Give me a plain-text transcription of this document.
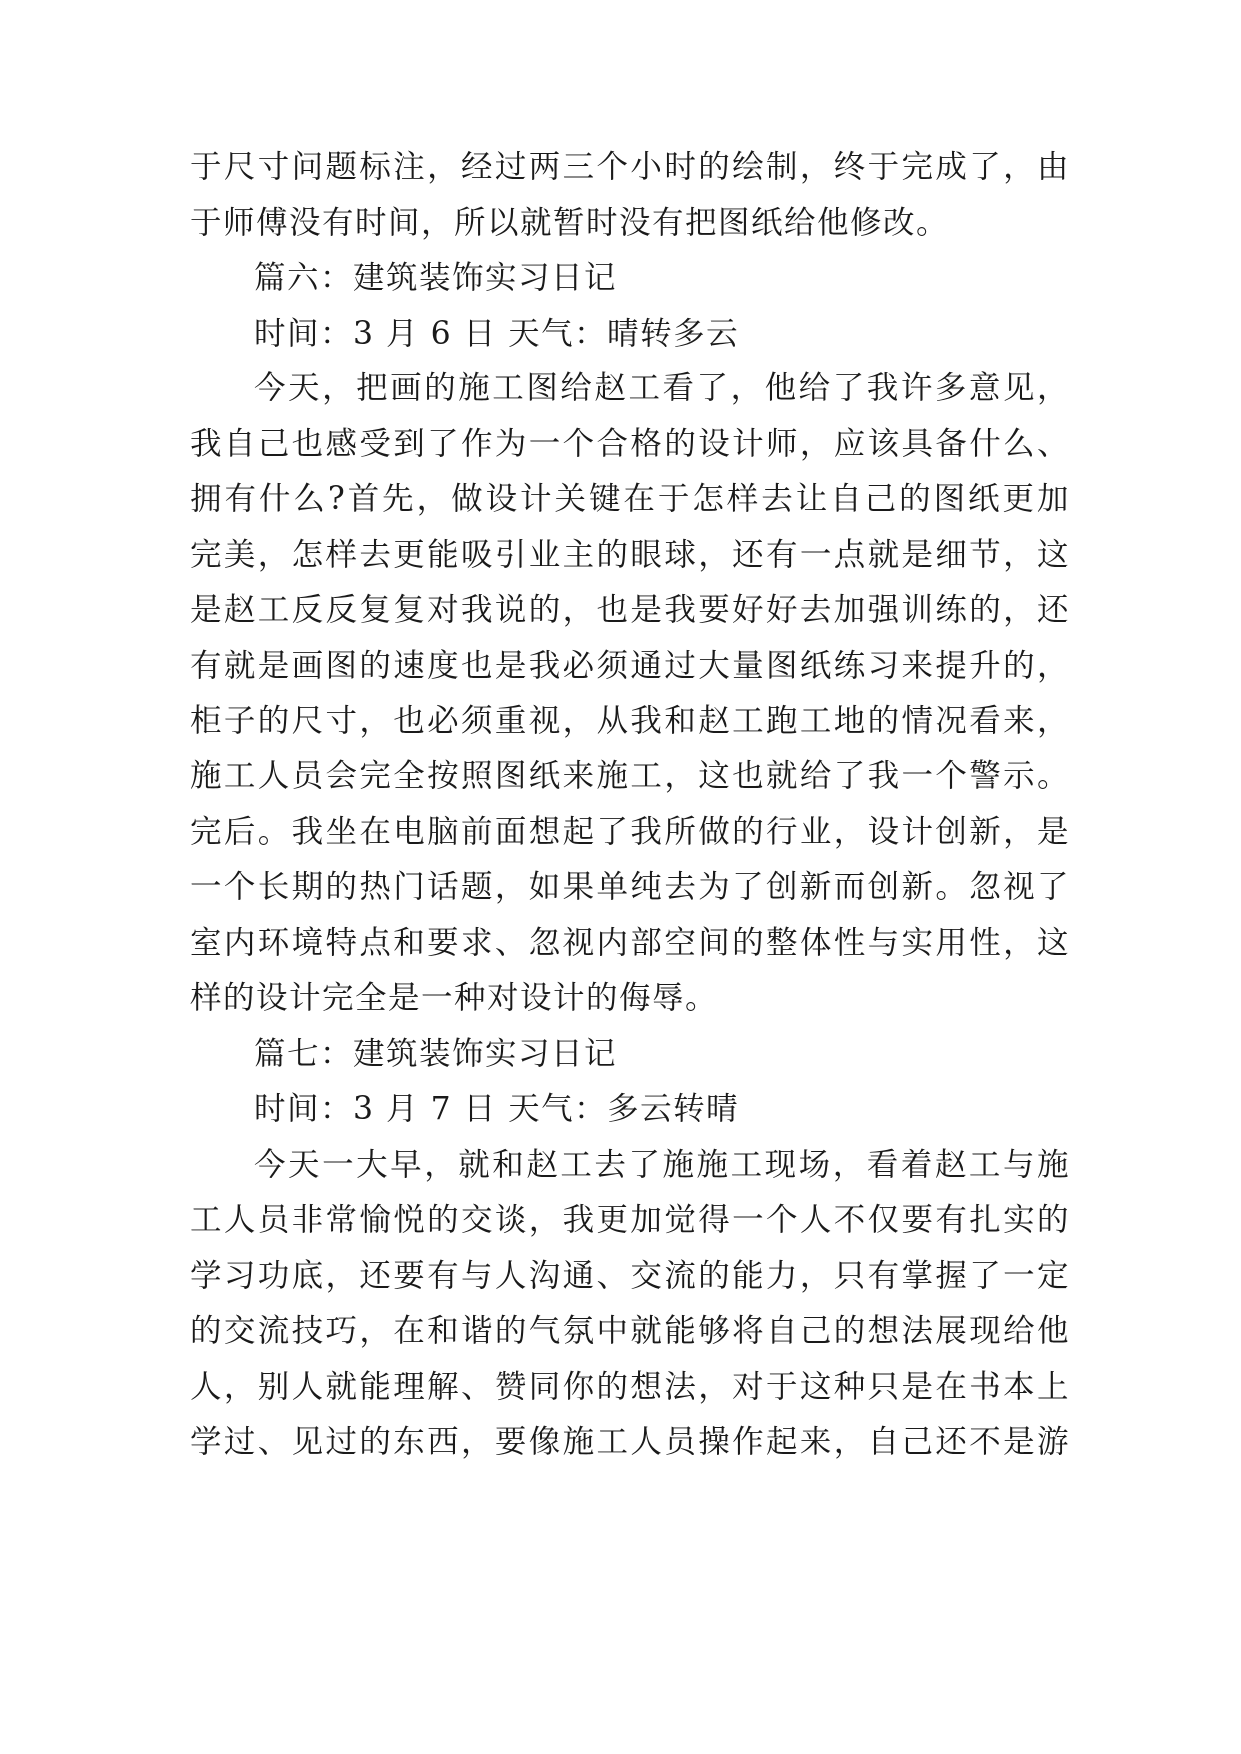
于尺寸问题标注，经过两三个小时的绘制，终于完成了，由
于师傅没有时间，所以就暂时没有把图纸给他修改。
篇六：建筑装饰实习日记
时间：3 月 6 日 天气：晴转多云
今天，把画的施工图给赵工看了，他给了我许多意见，
我自己也感受到了作为一个合格的设计师，应该具备什么、
拥有什么?首先，做设计关键在于怎样去让自己的图纸更加
完美，怎样去更能吸引业主的眼球，还有一点就是细节，这
是赵工反反复复对我说的，也是我要好好去加强训练的，还
有就是画图的速度也是我必须通过大量图纸练习来提升的，
柜子的尺寸，也必须重视，从我和赵工跑工地的情况看来，
施工人员会完全按照图纸来施工，这也就给了我一个警示。
完后。我坐在电脑前面想起了我所做的行业，设计创新，是
一个长期的热门话题，如果单纯去为了创新而创新。忽视了
室内环境特点和要求、忽视内部空间的整体性与实用性，这
样的设计完全是一种对设计的侮辱。
篇七：建筑装饰实习日记
时间：3 月 7 日 天气：多云转晴
今天一大早，就和赵工去了施施工现场，看着赵工与施
工人员非常愉悦的交谈，我更加觉得一个人不仅要有扎实的
学习功底，还要有与人沟通、交流的能力，只有掌握了一定
的交流技巧，在和谐的气氛中就能够将自己的想法展现给他
人，别人就能理解、赞同你的想法，对于这种只是在书本上
学过、见过的东西，要像施工人员操作起来，自己还不是游
